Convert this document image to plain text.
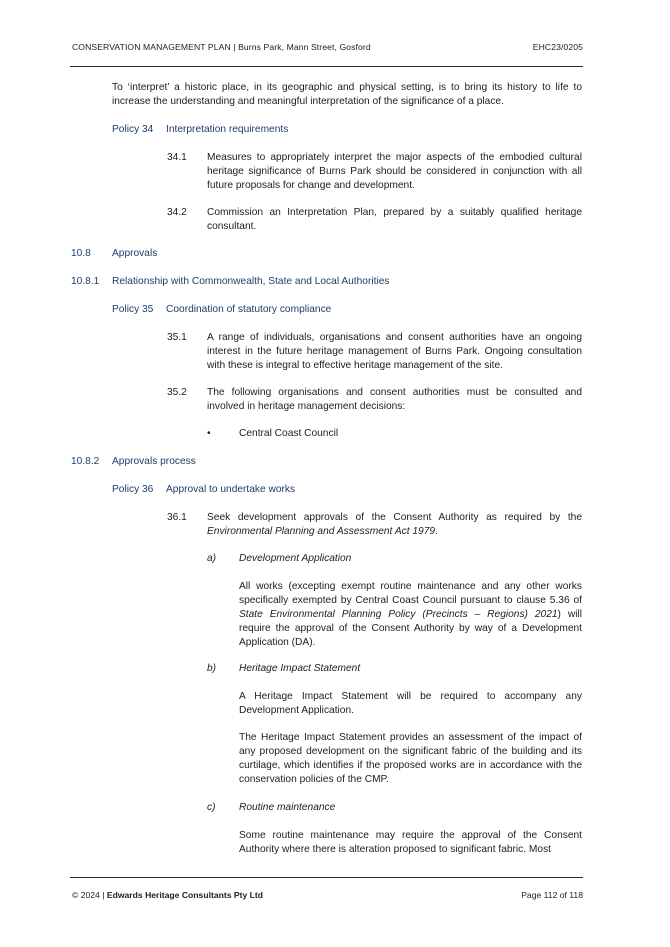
CONSERVATION MANAGEMENT PLAN | Burns Park, Mann Street, Gosford	EHC23/0205

To ‘interpret’ a historic place, in its geographic and physical setting, is to bring its history to life to increase the understanding and meaningful interpretation of the significance of a place.

Policy 34 Interpretation requirements
34.1 Measures to appropriately interpret the major aspects of the embodied cultural heritage significance of Burns Park should be considered in conjunction with all future proposals for change and development.

34.2 Commission an Interpretation Plan, prepared by a suitably qualified heritage consultant.

10.8 Approvals
10.8.1 Relationship with Commonwealth, State and Local Authorities
Policy 35 Coordination of statutory compliance
35.1 A range of individuals, organisations and consent authorities have an ongoing interest in the future heritage management of Burns Park. Ongoing consultation with these is integral to effective heritage management of the site.

35.2 The following organisations and consent authorities must be consulted and involved in heritage management decisions:

•	Central Coast Council
10.8.2 Approvals process
Policy 36 Approval to undertake works
36.1 Seek development approvals of the Consent Authority as required by the Environmental Planning and Assessment Act 1979.

a) Development Application

All works (excepting exempt routine maintenance and any other works specifically exempted by Central Coast Council pursuant to clause 5.36 of State Environmental Planning Policy (Precincts – Regions) 2021) will require the approval of the Consent Authority by way of a Development Application (DA).

b) Heritage Impact Statement

A Heritage Impact Statement will be required to accompany any Development Application.

The Heritage Impact Statement provides an assessment of the impact of any proposed development on the significant fabric of the building and its curtilage, which identifies if the proposed works are in accordance with the conservation policies of the CMP.

c) Routine maintenance

Some routine maintenance may require the approval of the Consent Authority where there is alteration proposed to significant fabric. Most

© 2024 | Edwards Heritage Consultants Pty Ltd	Page 112 of 118
